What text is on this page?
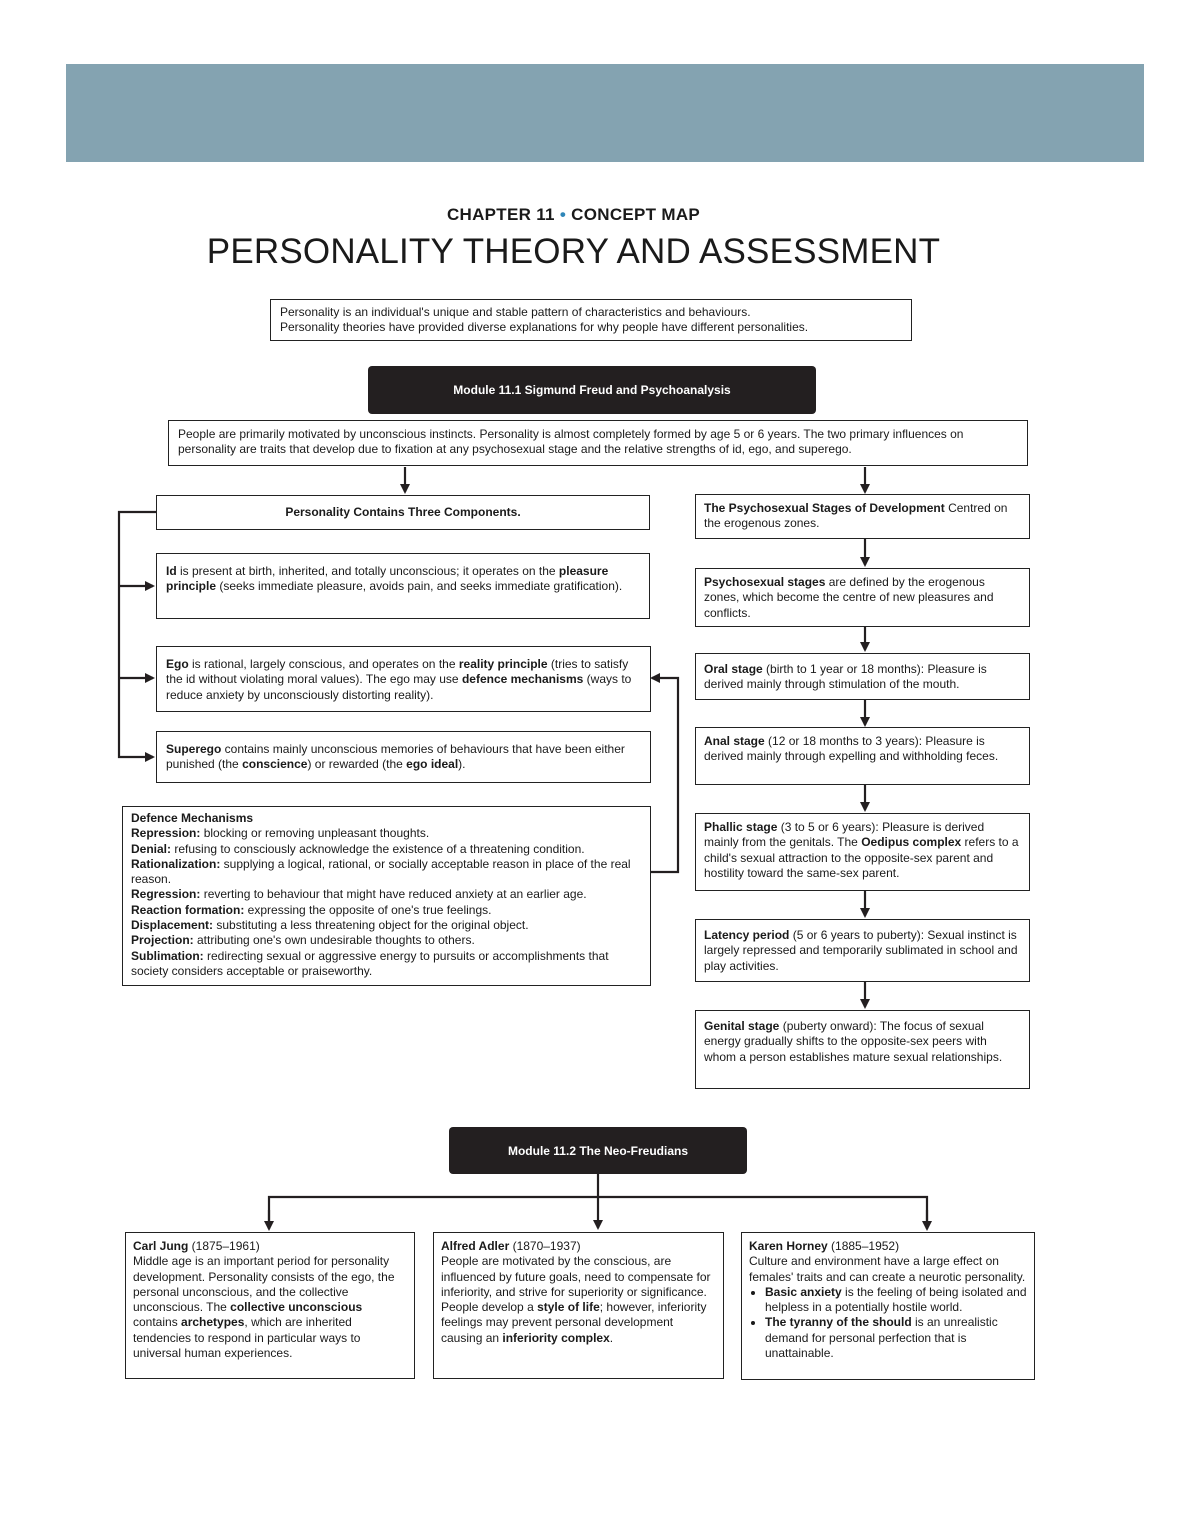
CHAPTER 11 • CONCEPT MAP
PERSONALITY THEORY AND ASSESSMENT

Personality is an individual's unique and stable pattern of characteristics and behaviours.

Personality theories have provided diverse explanations for why people have different personalities.

Module 11.1 Sigmund Freud and Psychoanalysis
People are primarily motivated by unconscious instincts. Personality is almost completely formed by age 5 or 6 years. The two primary influences on personality are traits that develop due to fixation at any psychosexual stage and the relative strengths of id, ego, and superego.
Personality Contains Three Components.
Id is present at birth, inherited, and totally unconscious; it operates on the pleasure principle (seeks immediate pleasure, avoids pain, and seeks immediate gratification).
Ego is rational, largely conscious, and operates on the reality principle (tries to satisfy the id without violating moral values). The ego may use defence mechanisms (ways to reduce anxiety by unconsciously distorting reality).
Superego contains mainly unconscious memories of behaviours that have been either punished (the conscience) or rewarded (the ego ideal).

Defence Mechanisms

Repression: blocking or removing unpleasant thoughts.

Denial: refusing to consciously acknowledge the existence of a threatening condition.

Rationalization: supplying a logical, rational, or socially acceptable reason in place of the real reason.

Regression: reverting to behaviour that might have reduced anxiety at an earlier age.

Reaction formation: expressing the opposite of one's true feelings.

Displacement: substituting a less threatening object for the original object.

Projection: attributing one's own undesirable thoughts to others.

Sublimation: redirecting sexual or aggressive energy to pursuits or accomplishments that society considers acceptable or praiseworthy.

The Psychosexual Stages of Development Centred on the erogenous zones.
Psychosexual stages are defined by the erogenous zones, which become the centre of new pleasures and conflicts.
Oral stage (birth to 1 year or 18 months): Pleasure is derived mainly through stimulation of the mouth.
Anal stage (12 or 18 months to 3 years): Pleasure is derived mainly through expelling and withholding feces.
Phallic stage (3 to 5 or 6 years): Pleasure is derived mainly from the genitals. The Oedipus complex refers to a child's sexual attraction to the opposite-sex parent and hostility toward the same-sex parent.
Latency period (5 or 6 years to puberty): Sexual instinct is largely repressed and temporarily sublimated in school and play activities.
Genital stage (puberty onward): The focus of sexual energy gradually shifts to the opposite-sex peers with whom a person establishes mature sexual relationships.
Module 11.2 The Neo-Freudians
Carl Jung (1875–1961)
Middle age is an important period for personality development. Personality consists of the ego, the personal unconscious, and the collective unconscious. The collective unconscious contains archetypes, which are inherited tendencies to respond in particular ways to universal human experiences.
Alfred Adler (1870–1937)
People are motivated by the conscious, are influenced by future goals, need to compensate for inferiority, and strive for superiority or significance.
People develop a style of life; however, inferiority feelings may prevent personal development causing an inferiority complex.
Karen Horney (1885–1952)
Culture and environment have a large effect on females' traits and can create a neurotic personality.
• Basic anxiety is the feeling of being isolated and helpless in a potentially hostile world.
• The tyranny of the should is an unrealistic demand for personal perfection that is unattainable.
